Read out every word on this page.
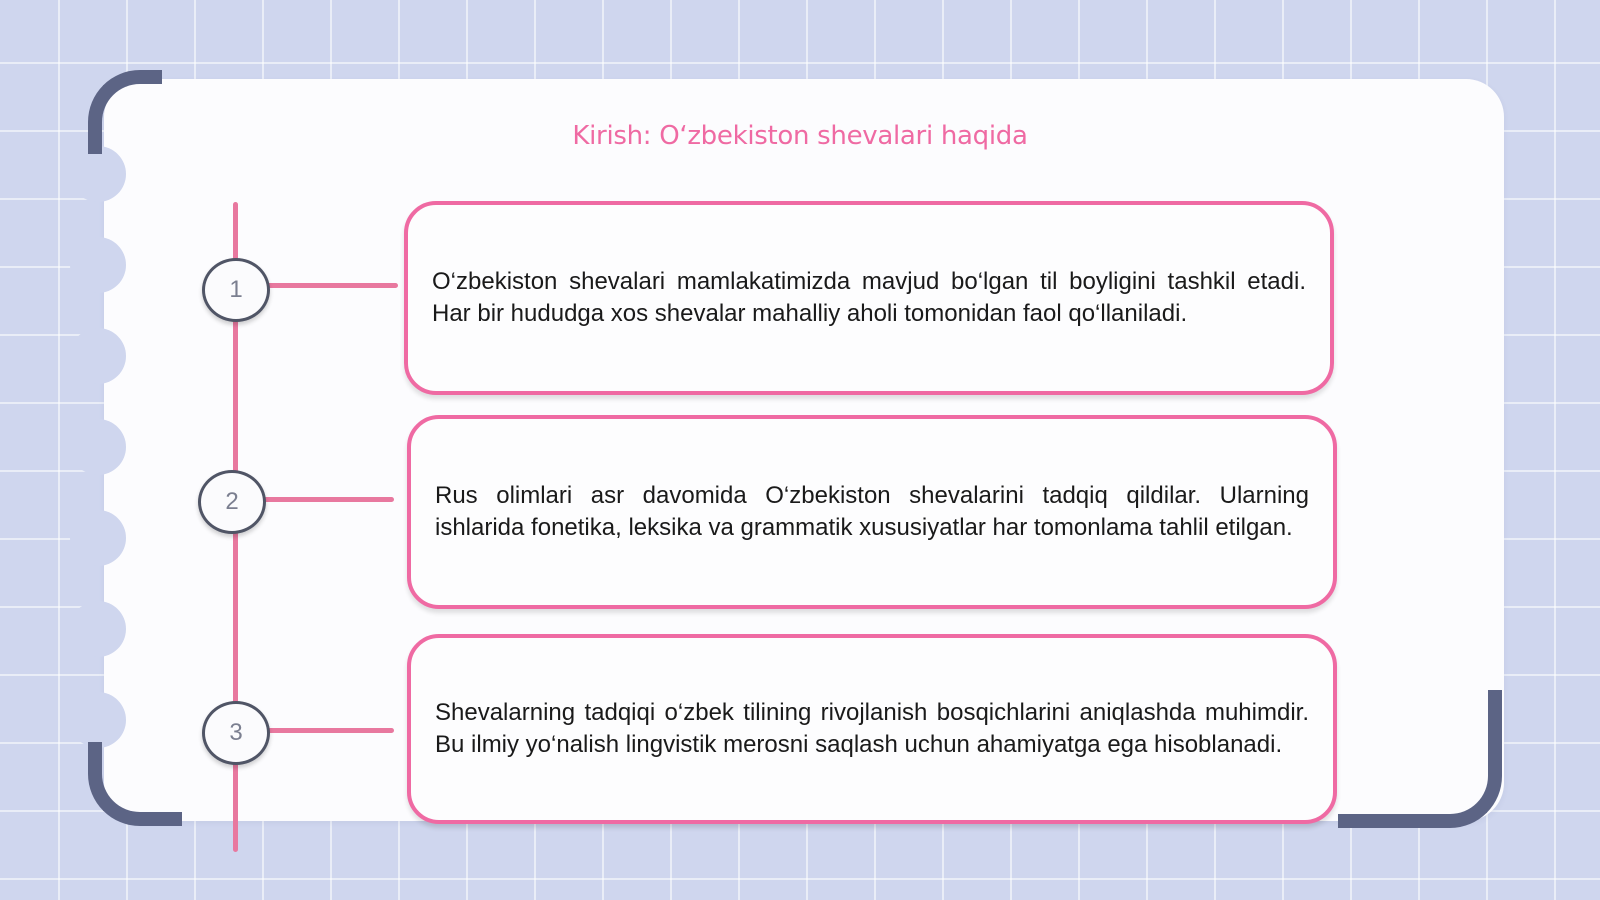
Kirish: O‘zbekiston shevalari haqida
1	O‘zbekiston shevalari mamlakatimizda mavjud bo‘lgan til boyligini tashkil etadi. Har bir hududga xos shevalar mahalliy aholi tomonidan faol qo‘llaniladi.
2	Rus olimlari asr davomida O‘zbekiston shevalarini tadqiq qildilar. Ularning ishlarida fonetika, leksika va grammatik xususiyatlar har tomonlama tahlil etilgan.
3
Shevalarning tadqiqi o‘zbek tilining rivojlanish bosqichlarini aniqlashda muhimdir. Bu ilmiy yo‘nalish lingvistik merosni saqlash uchun ahamiyatga ega hisoblanadi.
